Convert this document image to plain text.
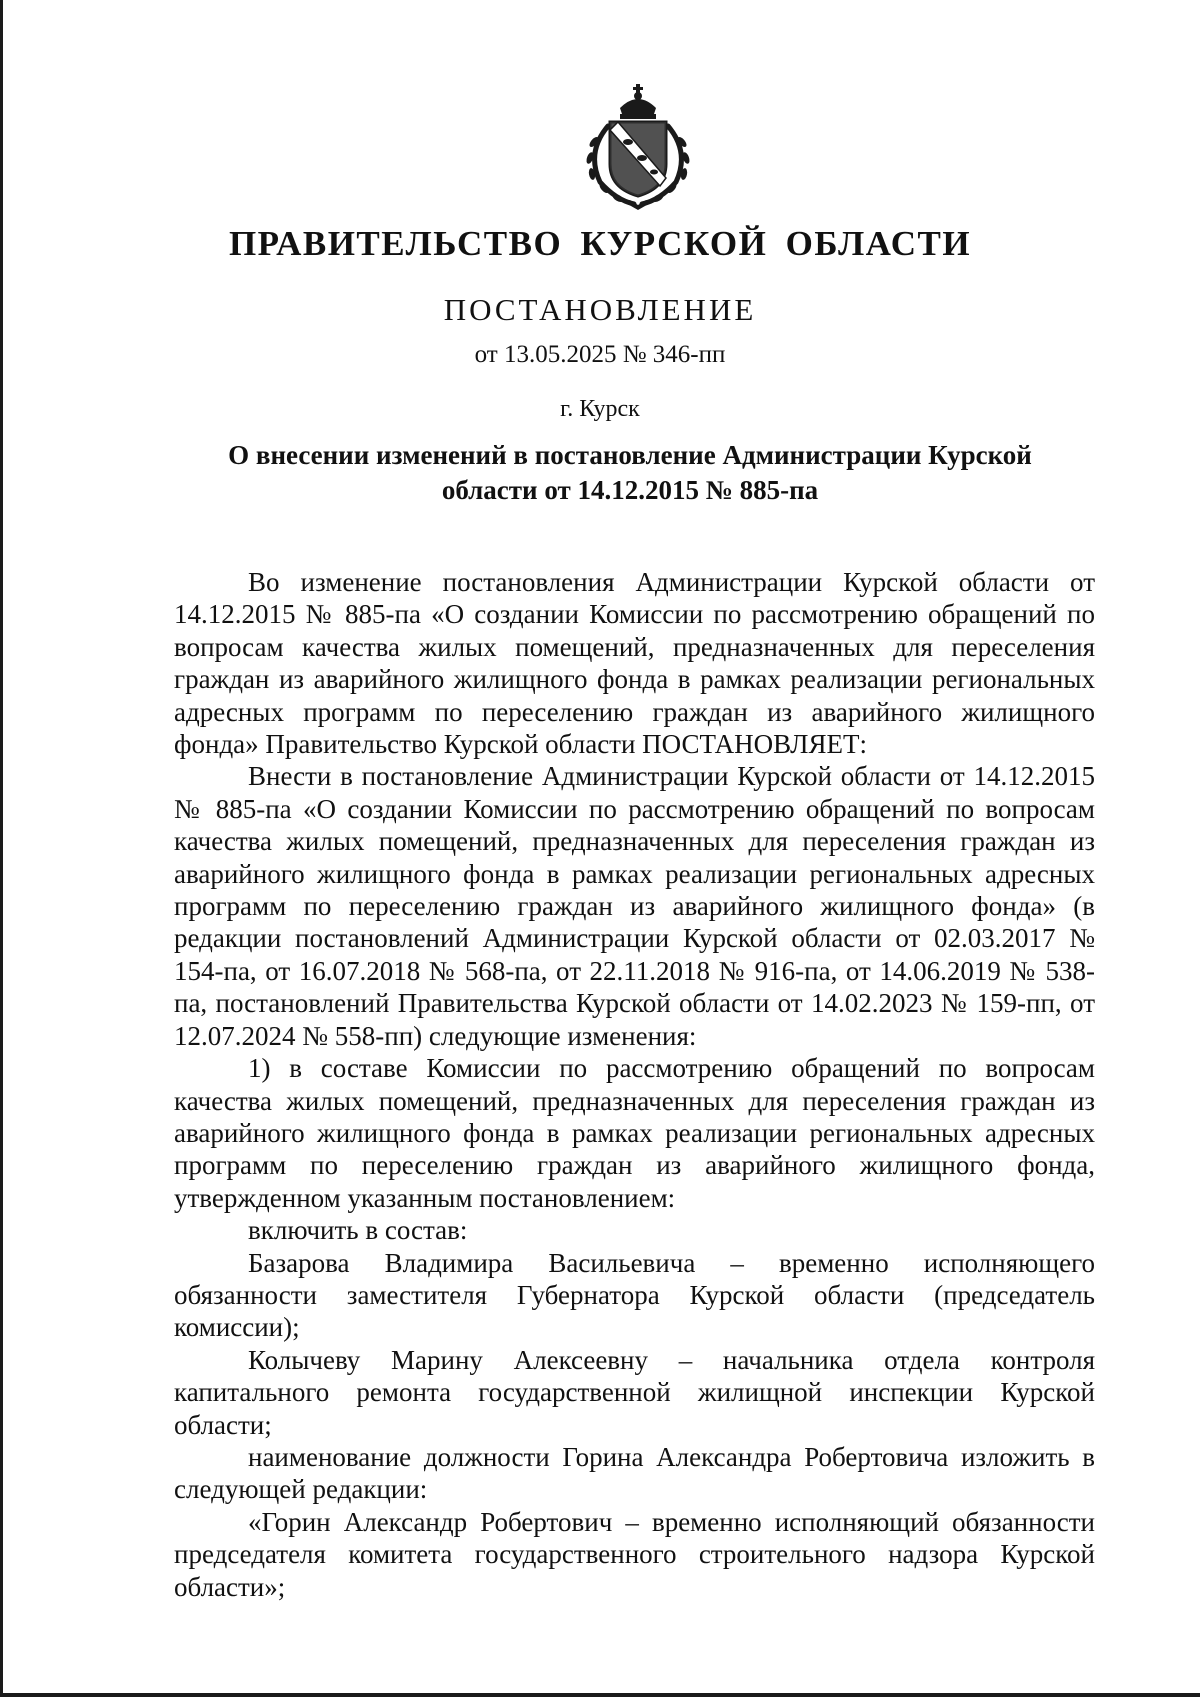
ПРАВИТЕЛЬСТВО КУРСКОЙ ОБЛАСТИ
ПОСТАНОВЛЕНИЕ
от 13.05.2025 № 346-пп
г. Курск
О внесении изменений в постановление Администрации Курской области от 14.12.2015 № 885-па

Во изменение постановления Администрации Курской области от 14.12.2015 № 885-па «О создании Комиссии по рассмотрению обращений по вопросам качества жилых помещений, предназначенных для переселения граждан из аварийного жилищного фонда в рамках реализации региональных адресных программ по переселению граждан из аварийного жилищного фонда» Правительство Курской области ПОСТАНОВЛЯЕТ:

Внести в постановление Администрации Курской области от 14.12.2015 № 885-па «О создании Комиссии по рассмотрению обращений по вопросам качества жилых помещений, предназначенных для переселения граждан из аварийного жилищного фонда в рамках реализации региональных адресных программ по переселению граждан из аварийного жилищного фонда» (в редакции постановлений Администрации Курской области от 02.03.2017 № 154-па, от 16.07.2018 № 568-па, от 22.11.2018 № 916-па, от 14.06.2019 № 538-па, постановлений Правительства Курской области от 14.02.2023 № 159-пп, от 12.07.2024 № 558-пп) следующие изменения:

1) в составе Комиссии по рассмотрению обращений по вопросам качества жилых помещений, предназначенных для переселения граждан из аварийного жилищного фонда в рамках реализации региональных адресных программ по переселению граждан из аварийного жилищного фонда, утвержденном указанным постановлением:

включить в состав:

Базарова Владимира Васильевича – временно исполняющего обязанности заместителя Губернатора Курской области (председатель комиссии);

Колычеву Марину Алексеевну – начальника отдела контроля капитального ремонта государственной жилищной инспекции Курской области;

наименование должности Горина Александра Робертовича изложить в следующей редакции:

«Горин Александр Робертович – временно исполняющий обязанности председателя комитета государственного строительного надзора Курской области»;
